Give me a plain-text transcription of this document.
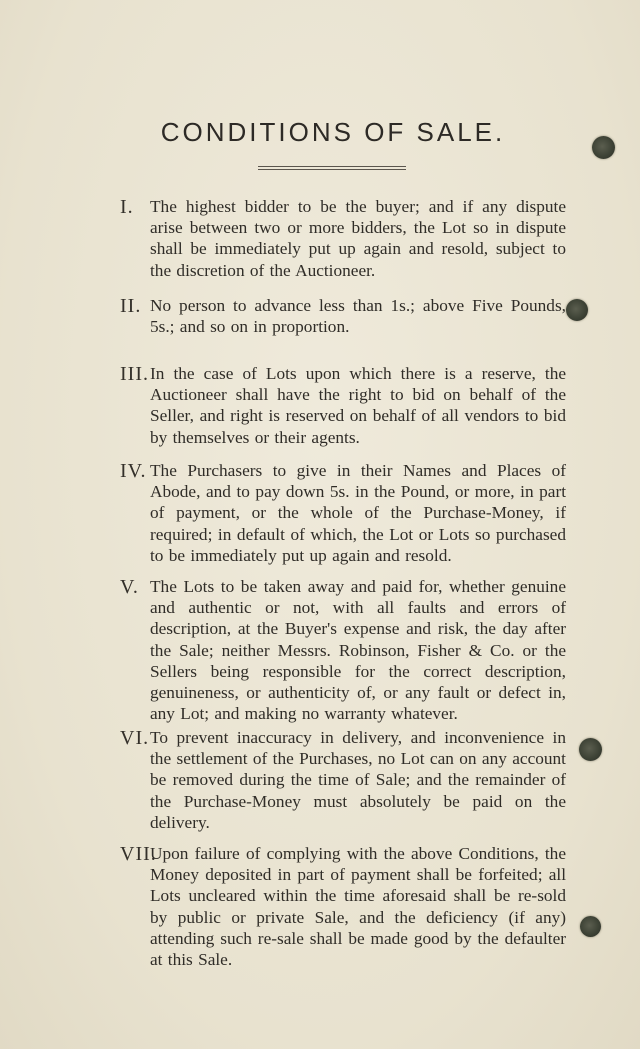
CONDITIONS OF SALE.
I. The highest bidder to be the buyer; and if any dispute arise between two or more bidders, the Lot so in dispute shall be immediately put up again and resold, subject to the discretion of the Auctioneer.
II. No person to advance less than 1s.; above Five Pounds, 5s.; and so on in proportion.
III. In the case of Lots upon which there is a reserve, the Auctioneer shall have the right to bid on behalf of the Seller, and right is reserved on behalf of all vendors to bid by themselves or their agents.
IV. The Purchasers to give in their Names and Places of Abode, and to pay down 5s. in the Pound, or more, in part of payment, or the whole of the Purchase-Money, if required; in default of which, the Lot or Lots so purchased to be immediately put up again and resold.
V. The Lots to be taken away and paid for, whether genuine and authentic or not, with all faults and errors of description, at the Buyer's expense and risk, the day after the Sale; neither Messrs. Robinson, Fisher & Co. or the Sellers being responsible for the correct description, genuineness, or authenticity of, or any fault or defect in, any Lot; and making no warranty whatever.
VI. To prevent inaccuracy in delivery, and inconvenience in the settlement of the Purchases, no Lot can on any account be removed during the time of Sale; and the remainder of the Purchase-Money must absolutely be paid on the delivery.
VII.
Upon failure of complying with the above Conditions, the Money deposited in part of payment shall be forfeited; all Lots uncleared within the time aforesaid shall be re-sold by public or private Sale, and the deficiency (if any) attending such re-sale shall be made good by the defaulter at this Sale.
